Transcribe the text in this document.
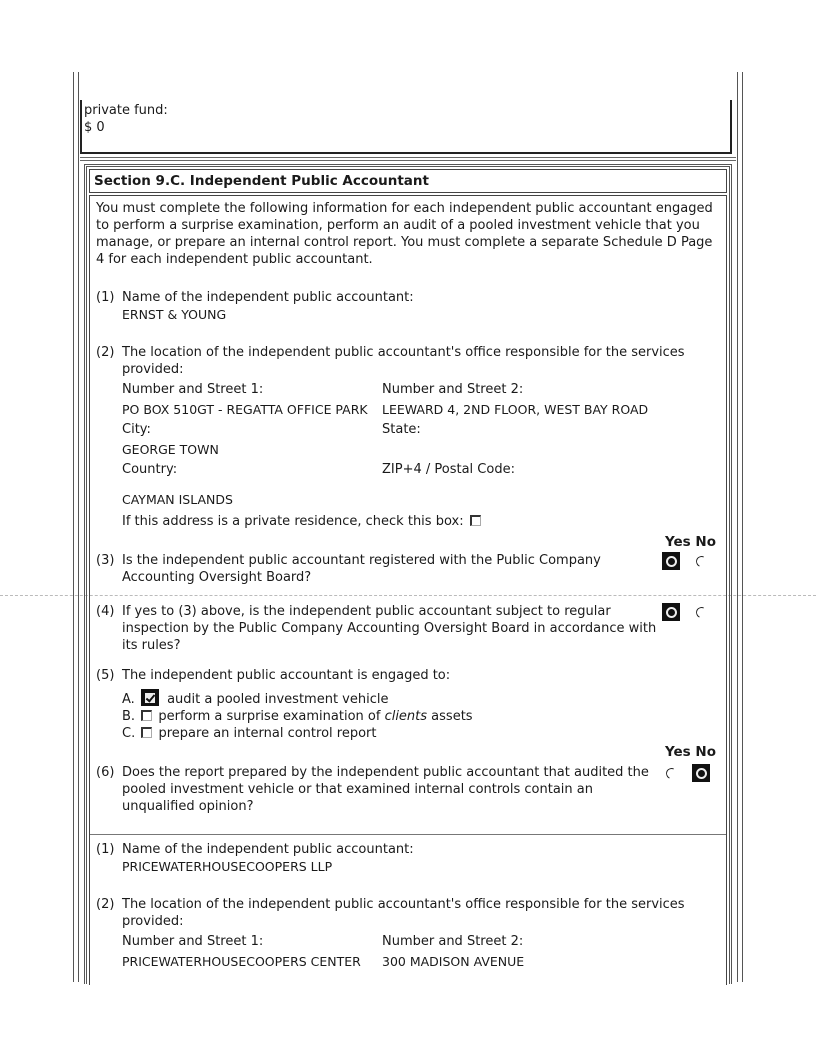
private fund:
$ 0
Section 9.C. Independent Public Accountant

You must complete the following information for each independent public accountant engaged to perform a surprise examination, perform an audit of a pooled investment vehicle that you manage, or prepare an internal control report. You must complete a separate Schedule D Page 4 for each independent public accountant.

(1) Name of the independent public accountant:
ERNST & YOUNG
(2) The location of the independent public accountant's office responsible for the services provided:
Number and Street 1:	Number and Street 2:
PO BOX 510GT - REGATTA OFFICE PARK	LEEWARD 4, 2ND FLOOR, WEST BAY ROAD
City:	State:
GEORGE TOWN
Country:	ZIP+4 / Postal Code:
CAYMAN ISLANDS
If this address is a private residence, check this box:
Yes No
(3) Is the independent public accountant registered with the Public Company Accounting Oversight Board?
(4) If yes to (3) above, is the independent public accountant subject to regular inspection by the Public Company Accounting Oversight Board in accordance with its rules?
(5) The independent public accountant is engaged to:
A. audit a pooled investment vehicle
B. perform a surprise examination of clients assets
C. prepare an internal control report
Yes No
(6) Does the report prepared by the independent public accountant that audited the pooled investment vehicle or that examined internal controls contain an unqualified opinion?
(1) Name of the independent public accountant:
PRICEWATERHOUSECOOPERS LLP
(2) The location of the independent public accountant's office responsible for the services provided:
Number and Street 1:	Number and Street 2:
PRICEWATERHOUSECOOPERS CENTER	300 MADISON AVENUE
